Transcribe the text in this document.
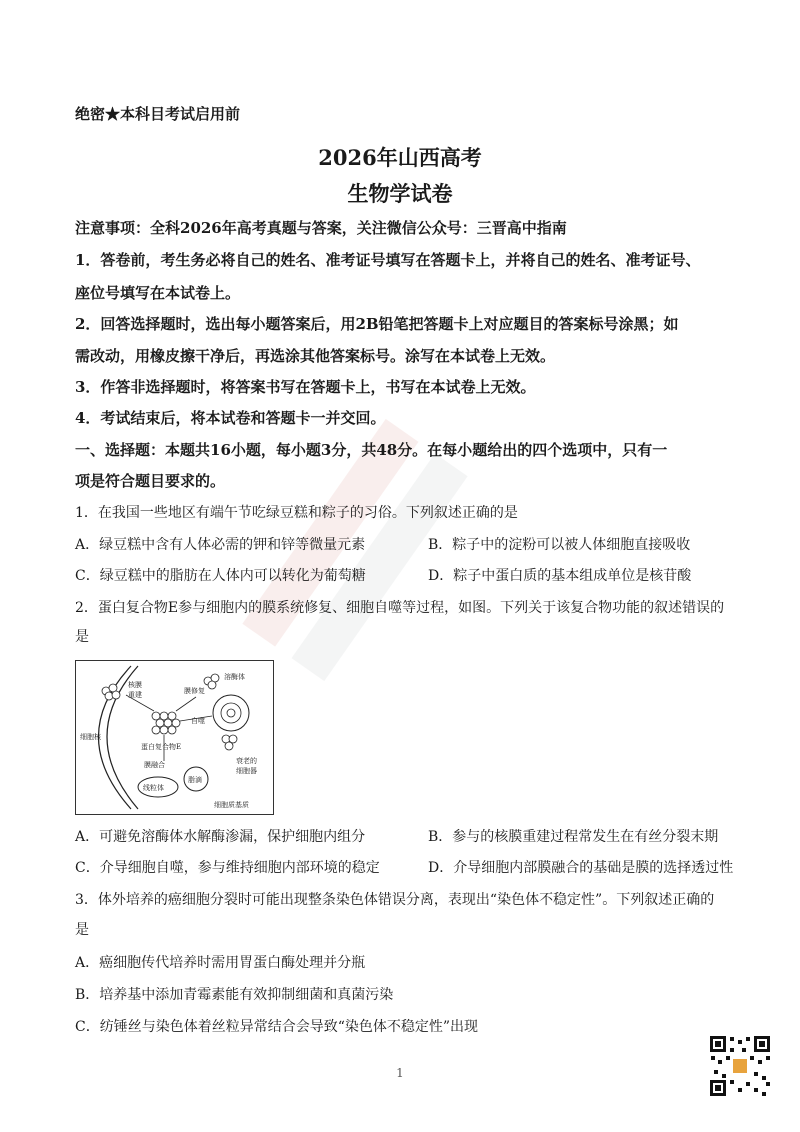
绝密★本科目考试启用前
2026年山西高考
生物学试卷
注意事项：全科2026年高考真题与答案，关注微信公众号：三晋高中指南
1．答卷前，考生务必将自己的姓名、准考证号填写在答题卡上，并将自己的姓名、准考证号、
座位号填写在本试卷上。
2．回答选择题时，选出每小题答案后，用2B铅笔把答题卡上对应题目的答案标号涂黑；如
需改动，用橡皮擦干净后，再选涂其他答案标号。涂写在本试卷上无效。
3．作答非选择题时，将答案书写在答题卡上，书写在本试卷上无效。
4．考试结束后，将本试卷和答题卡一并交回。
一、选择题：本题共16小题，每小题3分，共48分。在每小题给出的四个选项中，只有一
项是符合题目要求的。
1．在我国一些地区有端午节吃绿豆糕和粽子的习俗。下列叙述正确的是
A．绿豆糕中含有人体必需的钾和锌等微量元素	B．粽子中的淀粉可以被人体细胞直接吸收
C．绿豆糕中的脂肪在人体内可以转化为葡萄糖	D．粽子中蛋白质的基本组成单位是核苷酸
2．蛋白复合物E参与细胞内的膜系统修复、细胞自噬等过程，如图。下列关于该复合物功能的叙述错误的
是
细胞核
核膜
重建	膜修复
溶酶体
自噬
蛋白复合物E
衰老的
细胞器
膜融合
线粒体
脂滴
细胞质基质
A．可避免溶酶体水解酶渗漏，保护细胞内组分	B．参与的核膜重建过程常发生在有丝分裂末期
C．介导细胞自噬，参与维持细胞内部环境的稳定	D．介导细胞内部膜融合的基础是膜的选择透过性
3．体外培养的癌细胞分裂时可能出现整条染色体错误分离，表现出“染色体不稳定性”。下列叙述正确的
是
A．癌细胞传代培养时需用胃蛋白酶处理并分瓶
B．培养基中添加青霉素能有效抑制细菌和真菌污染
C．纺锤丝与染色体着丝粒异常结合会导致“染色体不稳定性”出现
1
